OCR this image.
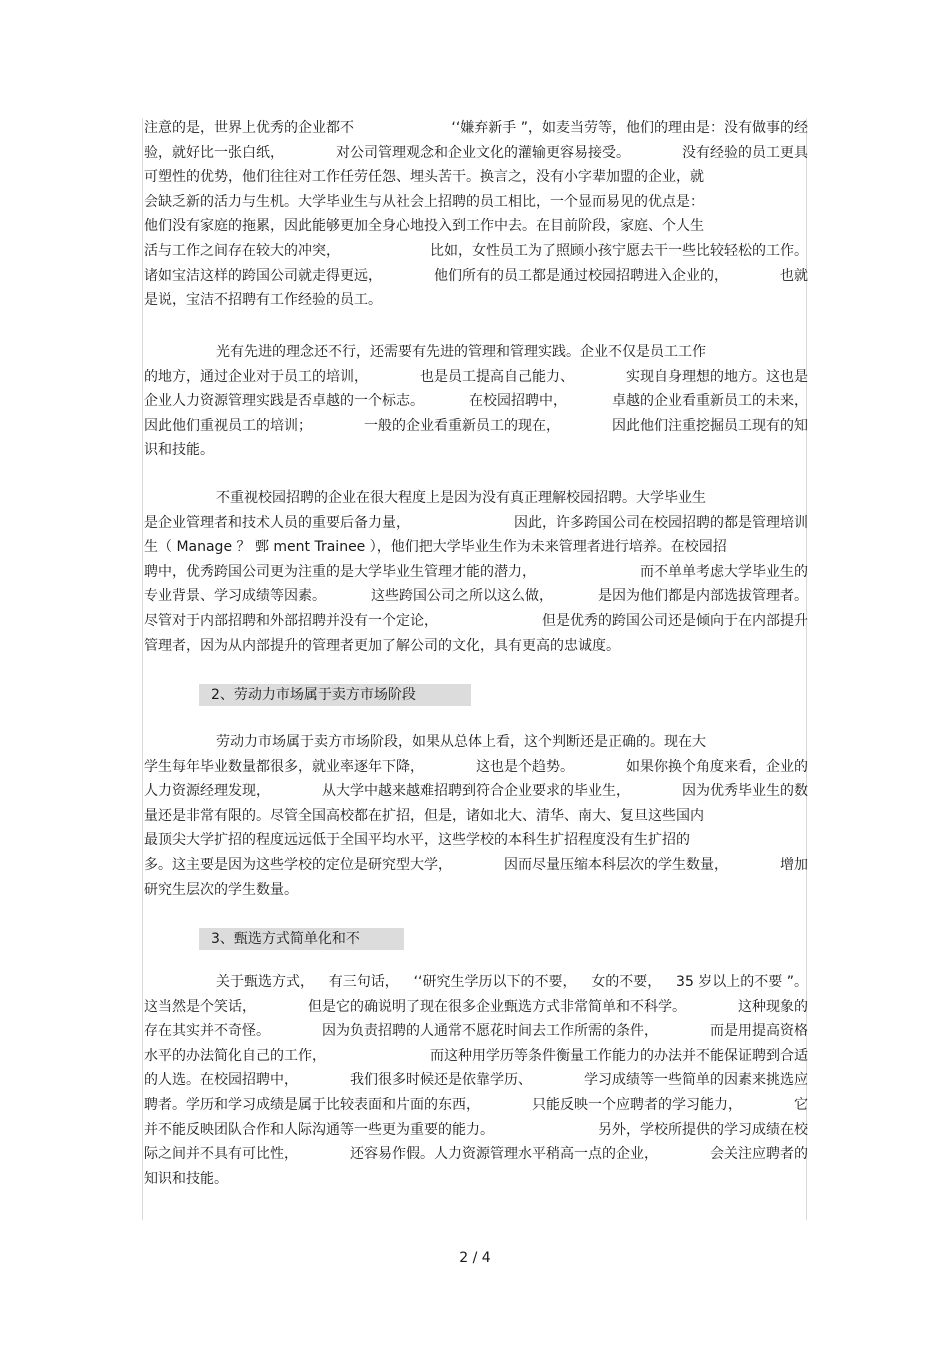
注意的是，世界上优秀的企业都不	‘‘嫌弃新手 ”，如麦当劳等，他们的理由是：没有做事的经
验，就好比一张白纸，	对公司管理观念和企业文化的灌输更容易接受。	没有经验的员工更具
可塑性的优势，他们往往对工作任劳任怨、埋头苦干。换言之，没有小字辈加盟的企业，就
会缺乏新的活力与生机。大学毕业生与从社会上招聘的员工相比，一个显而易见的优点是：
他们没有家庭的拖累，因此能够更加全身心地投入到工作中去。在目前阶段，家庭、个人生
活与工作之间存在较大的冲突，	比如，女性员工为了照顾小孩宁愿去干一些比较轻松的工作。
诸如宝洁这样的跨国公司就走得更远，	他们所有的员工都是通过校园招聘进入企业的，	也就
是说，宝洁不招聘有工作经验的员工。
光有先进的理念还不行，还需要有先进的管理和管理实践。企业不仅是员工工作
的地方，通过企业对于员工的培训，	也是员工提高自己能力、	实现自身理想的地方。这也是
企业人力资源管理实践是否卓越的一个标志。	在校园招聘中，	卓越的企业看重新员工的未来，
因此他们重视员工的培训；	一般的企业看重新员工的现在，	因此他们注重挖掘员工现有的知
识和技能。
不重视校园招聘的企业在很大程度上是因为没有真正理解校园招聘。大学毕业生
是企业管理者和技术人员的重要后备力量，	因此，许多跨国公司在校园招聘的都是管理培训
生（ Manage ？ 鄄 ment Trainee ），他们把大学毕业生作为未来管理者进行培养。在校园招
聘中，优秀跨国公司更为注重的是大学毕业生管理才能的潜力，	而不单单考虑大学毕业生的
专业背景、学习成绩等因素。	这些跨国公司之所以这么做，	是因为他们都是内部选拔管理者。
尽管对于内部招聘和外部招聘并没有一个定论，	但是优秀的跨国公司还是倾向于在内部提升
管理者，因为从内部提升的管理者更加了解公司的文化，具有更高的忠诚度。
2、劳动力市场属于卖方市场阶段
劳动力市场属于卖方市场阶段，如果从总体上看，这个判断还是正确的。现在大
学生每年毕业数量都很多，就业率逐年下降，	这也是个趋势。	如果你换个角度来看，企业的
人力资源经理发现，	从大学中越来越难招聘到符合企业要求的毕业生，	因为优秀毕业生的数
量还是非常有限的。尽管全国高校都在扩招，但是，诸如北大、清华、南大、复旦这些国内
最顶尖大学扩招的程度远远低于全国平均水平，这些学校的本科生扩招程度没有生扩招的
多。这主要是因为这些学校的定位是研究型大学，	因而尽量压缩本科层次的学生数量，	增加
研究生层次的学生数量。
3、甄选方式简单化和不
关于甄选方式， 有三句话， ‘‘研究生学历以下的不要， 女的不要， 35 岁以上的不要 ”。
这当然是个笑话，	但是它的确说明了现在很多企业甄选方式非常简单和不科学。	这种现象的
存在其实并不奇怪。	因为负责招聘的人通常不愿花时间去工作所需的条件，	而是用提高资格
水平的办法简化自己的工作，	而这种用学历等条件衡量工作能力的办法并不能保证聘到合适
的人选。在校园招聘中，	我们很多时候还是依靠学历、	学习成绩等一些简单的因素来挑选应
聘者。学历和学习成绩是属于比较表面和片面的东西，	只能反映一个应聘者的学习能力，	它
并不能反映团队合作和人际沟通等一些更为重要的能力。	另外，学校所提供的学习成绩在校
际之间并不具有可比性，	还容易作假。人力资源管理水平稍高一点的企业，	会关注应聘者的
知识和技能。
2 / 4
